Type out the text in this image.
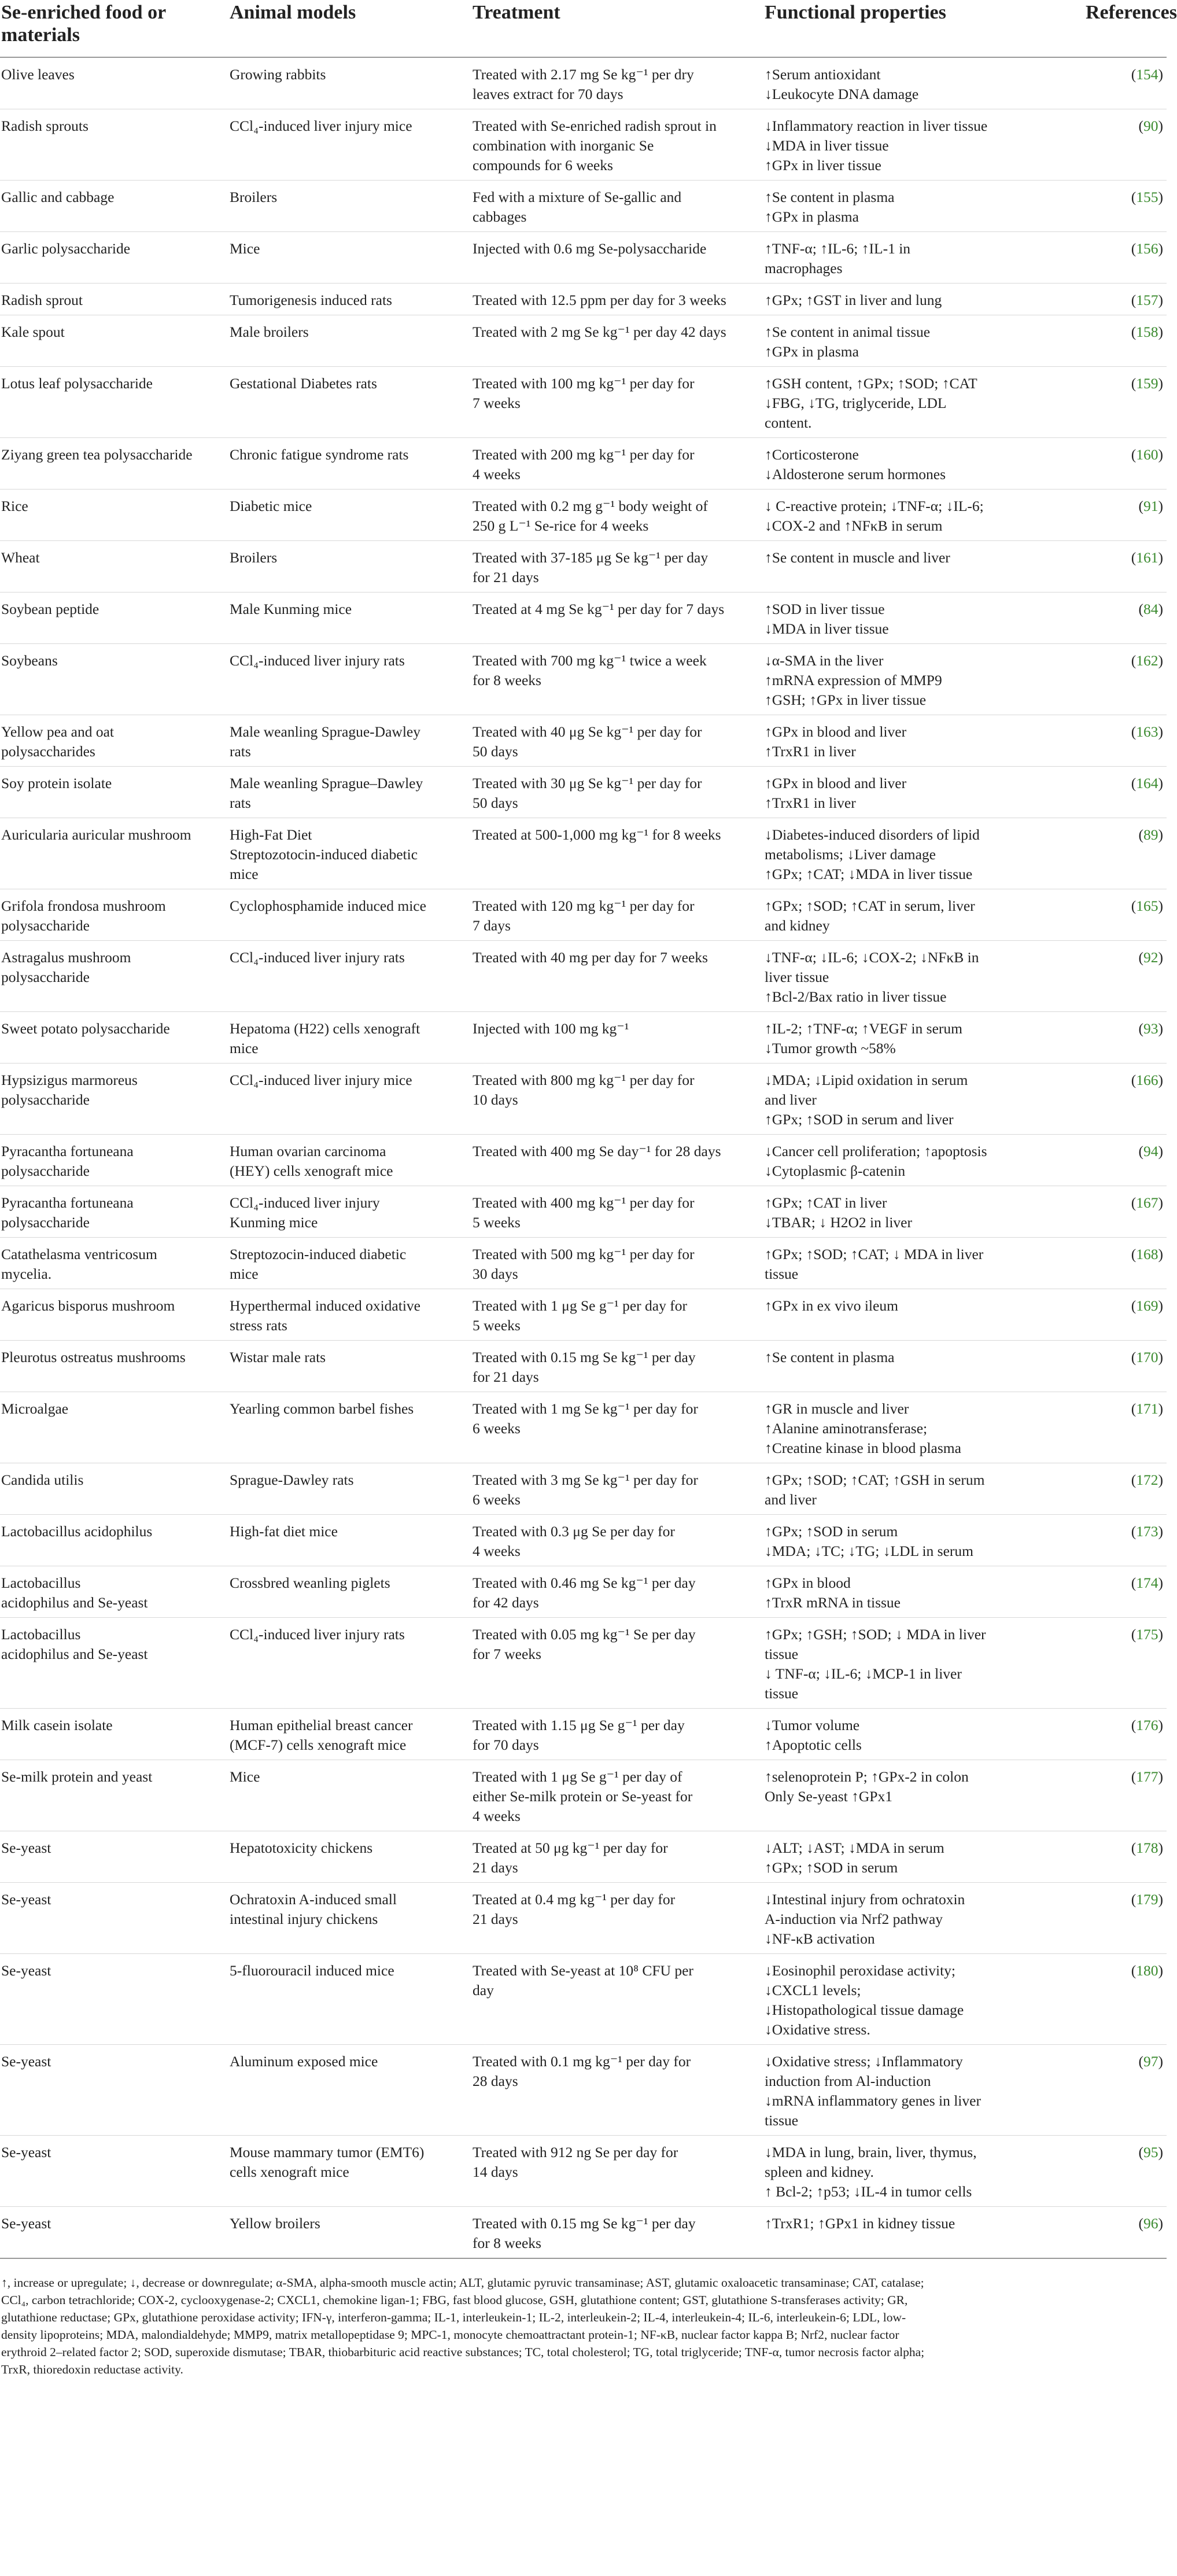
Se-enriched food or materials	Animal models	Treatment	Functional properties	References

Olive leaves	Growing rabbits	Treated with 2.17 mg Se kg⁻¹ per dry
leaves extract for 70 days	↑Serum antioxidant
↓Leukocyte DNA damage	(154)

Radish sprouts	CCl₄-induced liver injury mice	Treated with Se-enriched radish sprout in
combination with inorganic Se
compounds for 6 weeks	↓Inflammatory reaction in liver tissue
↓MDA in liver tissue
↑GPx in liver tissue	(90)

Gallic and cabbage	Broilers	Fed with a mixture of Se-gallic and
cabbages	↑Se content in plasma
↑GPx in plasma	(155)

Garlic polysaccharide	Mice	Injected with 0.6 mg Se-polysaccharide	↑TNF-α; ↑IL-6; ↑IL-1 in
macrophages	(156)

Radish sprout	Tumorigenesis induced rats	Treated with 12.5 ppm per day for 3 weeks	↑GPx; ↑GST in liver and lung	(157)

Kale spout	Male broilers	Treated with 2 mg Se kg⁻¹ per day 42 days	↑Se content in animal tissue
↑GPx in plasma	(158)

Lotus leaf polysaccharide	Gestational Diabetes rats	Treated with 100 mg kg⁻¹ per day for
7 weeks	↑GSH content, ↑GPx; ↑SOD; ↑CAT
↓FBG, ↓TG, triglyceride, LDL
content.	(159)

Ziyang green tea polysaccharide	Chronic fatigue syndrome rats	Treated with 200 mg kg⁻¹ per day for
4 weeks	↑Corticosterone
↓Aldosterone serum hormones	(160)

Rice	Diabetic mice	Treated with 0.2 mg g⁻¹ body weight of
250 g L⁻¹ Se-rice for 4 weeks	↓ C-reactive protein; ↓TNF-α; ↓IL-6;
↓COX-2 and ↑NFκB in serum	(91)

Wheat	Broilers	Treated with 37-185 μg Se kg⁻¹ per day
for 21 days	↑Se content in muscle and liver	(161)

Soybean peptide	Male Kunming mice	Treated at 4 mg Se kg⁻¹ per day for 7 days	↑SOD in liver tissue
↓MDA in liver tissue	(84)

Soybeans	CCl₄-induced liver injury rats	Treated with 700 mg kg⁻¹ twice a week
for 8 weeks	↓α-SMA in the liver
↑mRNA expression of MMP9
↑GSH; ↑GPx in liver tissue	(162)

Yellow pea and oat
polysaccharides	Male weanling Sprague-Dawley
rats	Treated with 40 μg Se kg⁻¹ per day for
50 days	↑GPx in blood and liver
↑TrxR1 in liver	(163)

Soy protein isolate	Male weanling Sprague–Dawley
rats	Treated with 30 μg Se kg⁻¹ per day for
50 days	↑GPx in blood and liver
↑TrxR1 in liver	(164)

Auricularia auricular mushroom	High-Fat Diet
Streptozotocin-induced diabetic
mice	Treated at 500-1,000 mg kg⁻¹ for 8 weeks	↓Diabetes-induced disorders of lipid
metabolisms; ↓Liver damage
↑GPx; ↑CAT; ↓MDA in liver tissue	(89)

Grifola frondosa mushroom
polysaccharide	Cyclophosphamide induced mice	Treated with 120 mg kg⁻¹ per day for
7 days	↑GPx; ↑SOD; ↑CAT in serum, liver
and kidney	(165)

Astragalus mushroom
polysaccharide	CCl₄-induced liver injury rats	Treated with 40 mg per day for 7 weeks	↓TNF-α; ↓IL-6; ↓COX-2; ↓NFκB in
liver tissue
↑Bcl-2/Bax ratio in liver tissue	(92)

Sweet potato polysaccharide	Hepatoma (H22) cells xenograft
mice	Injected with 100 mg kg⁻¹	↑IL-2; ↑TNF-α; ↑VEGF in serum
↓Tumor growth ~58%	(93)

Hypsizigus marmoreus
polysaccharide	CCl₄-induced liver injury mice	Treated with 800 mg kg⁻¹ per day for
10 days	↓MDA; ↓Lipid oxidation in serum
and liver
↑GPx; ↑SOD in serum and liver	(166)

Pyracantha fortuneana
polysaccharide	Human ovarian carcinoma
(HEY) cells xenograft mice	Treated with 400 mg Se day⁻¹ for 28 days	↓Cancer cell proliferation; ↑apoptosis
↓Cytoplasmic β-catenin	(94)

Pyracantha fortuneana
polysaccharide	CCl₄-induced liver injury
Kunming mice	Treated with 400 mg kg⁻¹ per day for
5 weeks	↑GPx; ↑CAT in liver
↓TBAR; ↓ H2O2 in liver	(167)

Catathelasma ventricosum
mycelia.	Streptozocin-induced diabetic
mice	Treated with 500 mg kg⁻¹ per day for
30 days	↑GPx; ↑SOD; ↑CAT; ↓ MDA in liver
tissue	(168)

Agaricus bisporus mushroom	Hyperthermal induced oxidative
stress rats	Treated with 1 μg Se g⁻¹ per day for
5 weeks	↑GPx in ex vivo ileum	(169)

Pleurotus ostreatus mushrooms	Wistar male rats	Treated with 0.15 mg Se kg⁻¹ per day
for 21 days	↑Se content in plasma	(170)

Microalgae	Yearling common barbel fishes	Treated with 1 mg Se kg⁻¹ per day for
6 weeks	↑GR in muscle and liver
↑Alanine aminotransferase;
↑Creatine kinase in blood plasma	(171)

Candida utilis	Sprague-Dawley rats	Treated with 3 mg Se kg⁻¹ per day for
6 weeks	↑GPx; ↑SOD; ↑CAT; ↑GSH in serum
and liver	(172)

Lactobacillus acidophilus	High-fat diet mice	Treated with 0.3 μg Se per day for
4 weeks	↑GPx; ↑SOD in serum
↓MDA; ↓TC; ↓TG; ↓LDL in serum	(173)

Lactobacillus
acidophilus and Se-yeast	Crossbred weanling piglets	Treated with 0.46 mg Se kg⁻¹ per day
for 42 days	↑GPx in blood
↑TrxR mRNA in tissue	(174)

Lactobacillus
acidophilus and Se-yeast	CCl₄-induced liver injury rats	Treated with 0.05 mg kg⁻¹ Se per day
for 7 weeks	↑GPx; ↑GSH; ↑SOD; ↓ MDA in liver
tissue
↓ TNF-α; ↓IL-6; ↓MCP-1 in liver
tissue	(175)

Milk casein isolate	Human epithelial breast cancer
(MCF-7) cells xenograft mice	Treated with 1.15 μg Se g⁻¹ per day
for 70 days	↓Tumor volume
↑Apoptotic cells	(176)

Se-milk protein and yeast	Mice	Treated with 1 μg Se g⁻¹ per day of
either Se-milk protein or Se-yeast for
4 weeks	↑selenoprotein P; ↑GPx-2 in colon
Only Se-yeast ↑GPx1	(177)

Se-yeast	Hepatotoxicity chickens	Treated at 50 μg kg⁻¹ per day for
21 days	↓ALT; ↓AST; ↓MDA in serum
↑GPx; ↑SOD in serum	(178)

Se-yeast	Ochratoxin A-induced small
intestinal injury chickens	Treated at 0.4 mg kg⁻¹ per day for
21 days	↓Intestinal injury from ochratoxin
A-induction via Nrf2 pathway
↓NF-κB activation	(179)

Se-yeast	5-fluorouracil induced mice	Treated with Se-yeast at 10⁸ CFU per
day	↓Eosinophil peroxidase activity;
↓CXCL1 levels;
↓Histopathological tissue damage
↓Oxidative stress.	(180)

Se-yeast	Aluminum exposed mice	Treated with 0.1 mg kg⁻¹ per day for
28 days	↓Oxidative stress; ↓Inflammatory
induction from Al-induction
↓mRNA inflammatory genes in liver
tissue	(97)

Se-yeast	Mouse mammary tumor (EMT6)
cells xenograft mice	Treated with 912 ng Se per day for
14 days	↓MDA in lung, brain, liver, thymus,
spleen and kidney.
↑ Bcl-2; ↑p53; ↓IL-4 in tumor cells	(95)

Se-yeast	Yellow broilers	Treated with 0.15 mg Se kg⁻¹ per day
for 8 weeks	↑TrxR1; ↑GPx1 in kidney tissue	(96)
↑, increase or upregulate; ↓, decrease or downregulate; α-SMA, alpha-smooth muscle actin; ALT, glutamic pyruvic transaminase; AST, glutamic oxaloacetic transaminase; CAT, catalase;
CCl₄, carbon tetrachloride; COX-2, cyclooxygenase-2; CXCL1, chemokine ligan-1; FBG, fast blood glucose, GSH, glutathione content; GST, glutathione S-transferases activity; GR,
glutathione reductase; GPx, glutathione peroxidase activity; IFN-γ, interferon-gamma; IL-1, interleukein-1; IL-2, interleukein-2; IL-4, interleukein-4; IL-6, interleukein-6; LDL, low-
density lipoproteins; MDA, malondialdehyde; MMP9, matrix metallopeptidase 9; MPC-1, monocyte chemoattractant protein-1; NF-κB, nuclear factor kappa B; Nrf2, nuclear factor
erythroid 2–related factor 2; SOD, superoxide dismutase; TBAR, thiobarbituric acid reactive substances; TC, total cholesterol; TG, total triglyceride; TNF-α, tumor necrosis factor alpha;
TrxR, thioredoxin reductase activity.
